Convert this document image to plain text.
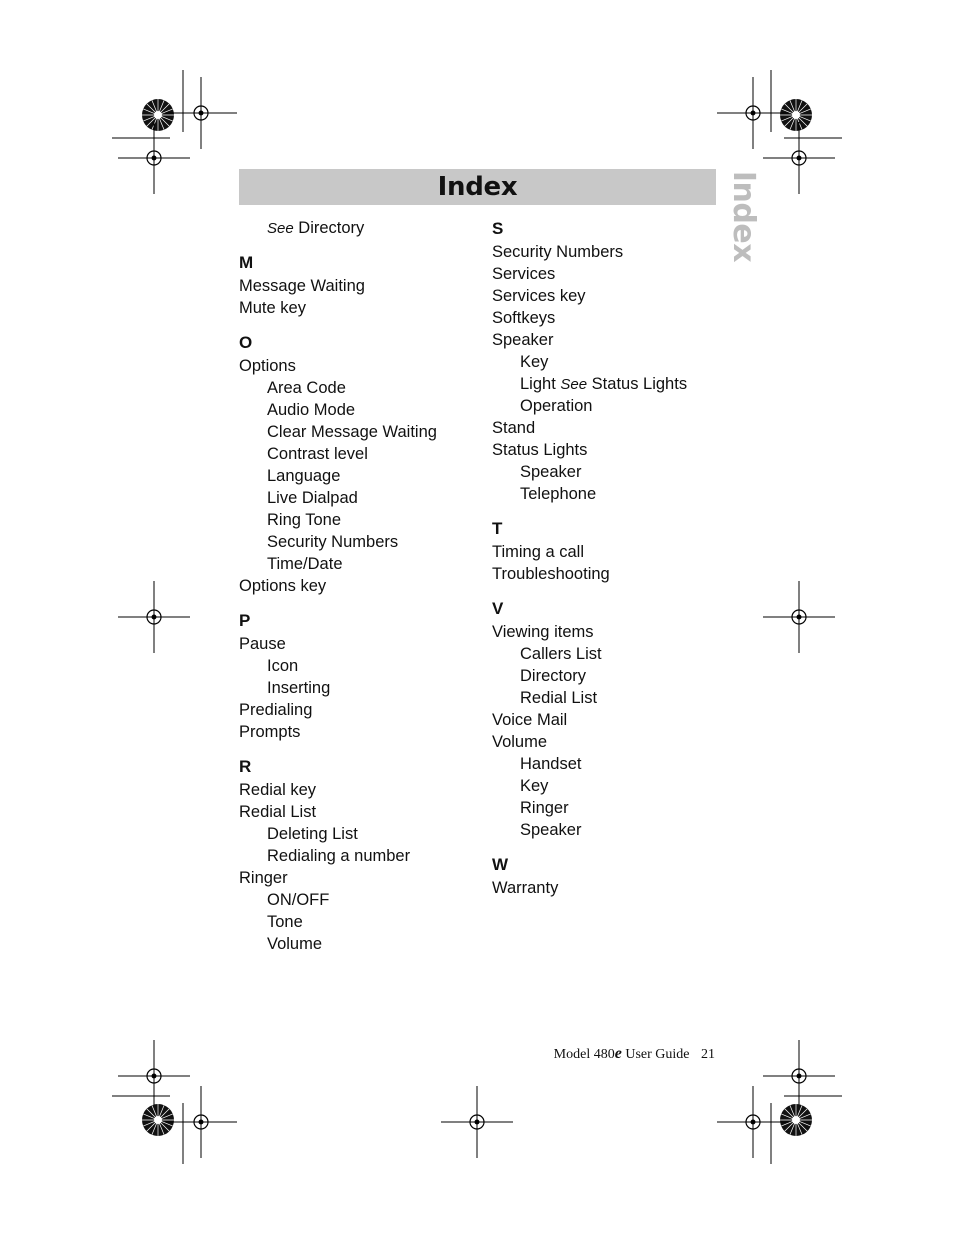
Index	Index
See Directory
M
Message Waiting
Mute key
O
Options
Area Code
Audio Mode
Clear Message Waiting
Contrast level
Language
Live Dialpad
Ring Tone
Security Numbers
Time/Date
Options key
P
Pause
Icon
Inserting
Predialing
Prompts
R
Redial key
Redial List
Deleting List
Redialing a number
Ringer
ON/OFF
Tone
Volume
S
Security Numbers
Services
Services key
Softkeys
Speaker
Key
Light See Status Lights
Operation
Stand
Status Lights
Speaker
Telephone
T
Timing a call
Troubleshooting
V
Viewing items
Callers List
Directory
Redial List
Voice Mail
Volume
Handset
Key
Ringer
Speaker
W
Warranty
Model 480e User Guide 21
